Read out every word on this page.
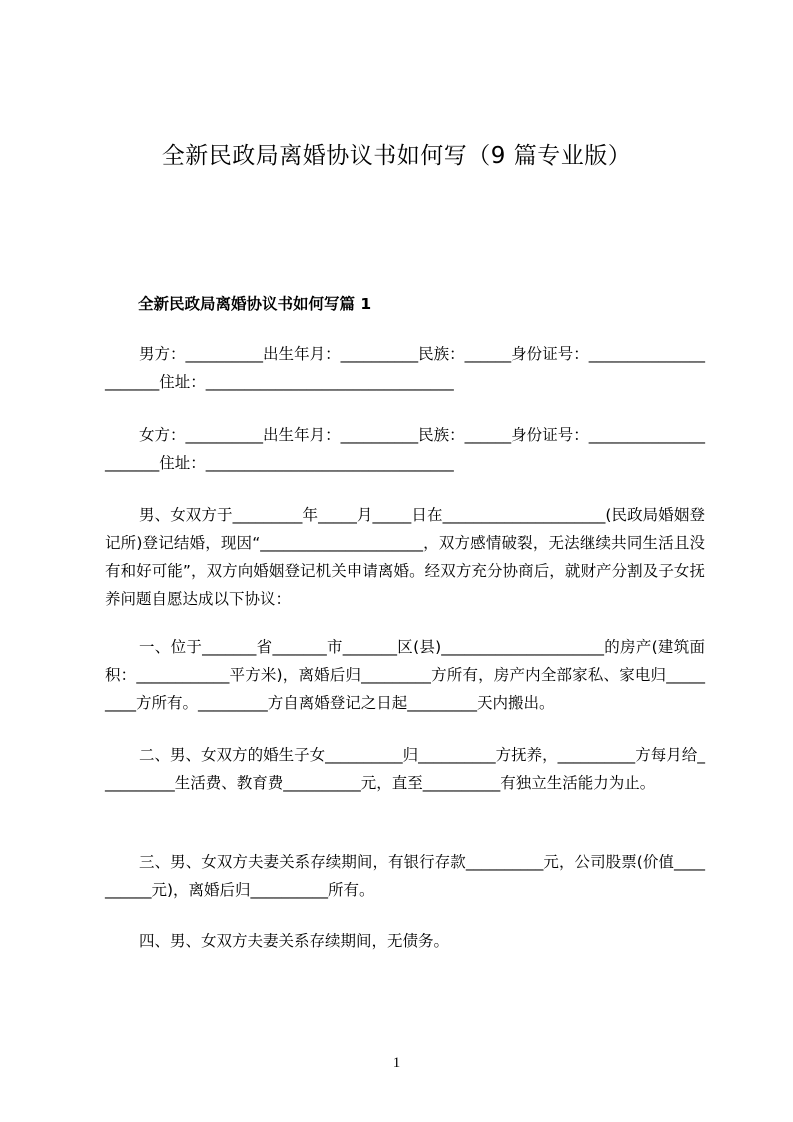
全新民政局离婚协议书如何写（9 篇专业版）
全新民政局离婚协议书如何写篇 1
男方：__________出生年月：__________民族：______身份证号：______________________住址：________________________________
女方：__________出生年月：__________民族：______身份证号：______________________住址：________________________________
男、女双方于_________年_____月_____日在_____________________(民政局婚姻登记所)登记结婚，现因“_____________________，双方感情破裂，无法继续共同生活且没有和好可能”，双方向婚姻登记机关申请离婚。经双方充分协商后，就财产分割及子女抚养问题自愿达成以下协议：
一、位于_______省_______市_______区(县)_____________________的房产(建筑面积：____________平方米)，离婚后归_________方所有，房产内全部家私、家电归_________方所有。_________方自离婚登记之日起_________天内搬出。
二、男、女双方的婚生子女__________归__________方抚养，__________方每月给__________生活费、教育费__________元，直至__________有独立生活能力为止。
三、男、女双方夫妻关系存续期间，有银行存款__________元，公司股票(价值__________元)，离婚后归__________所有。
四、男、女双方夫妻关系存续期间，无债务。
1
